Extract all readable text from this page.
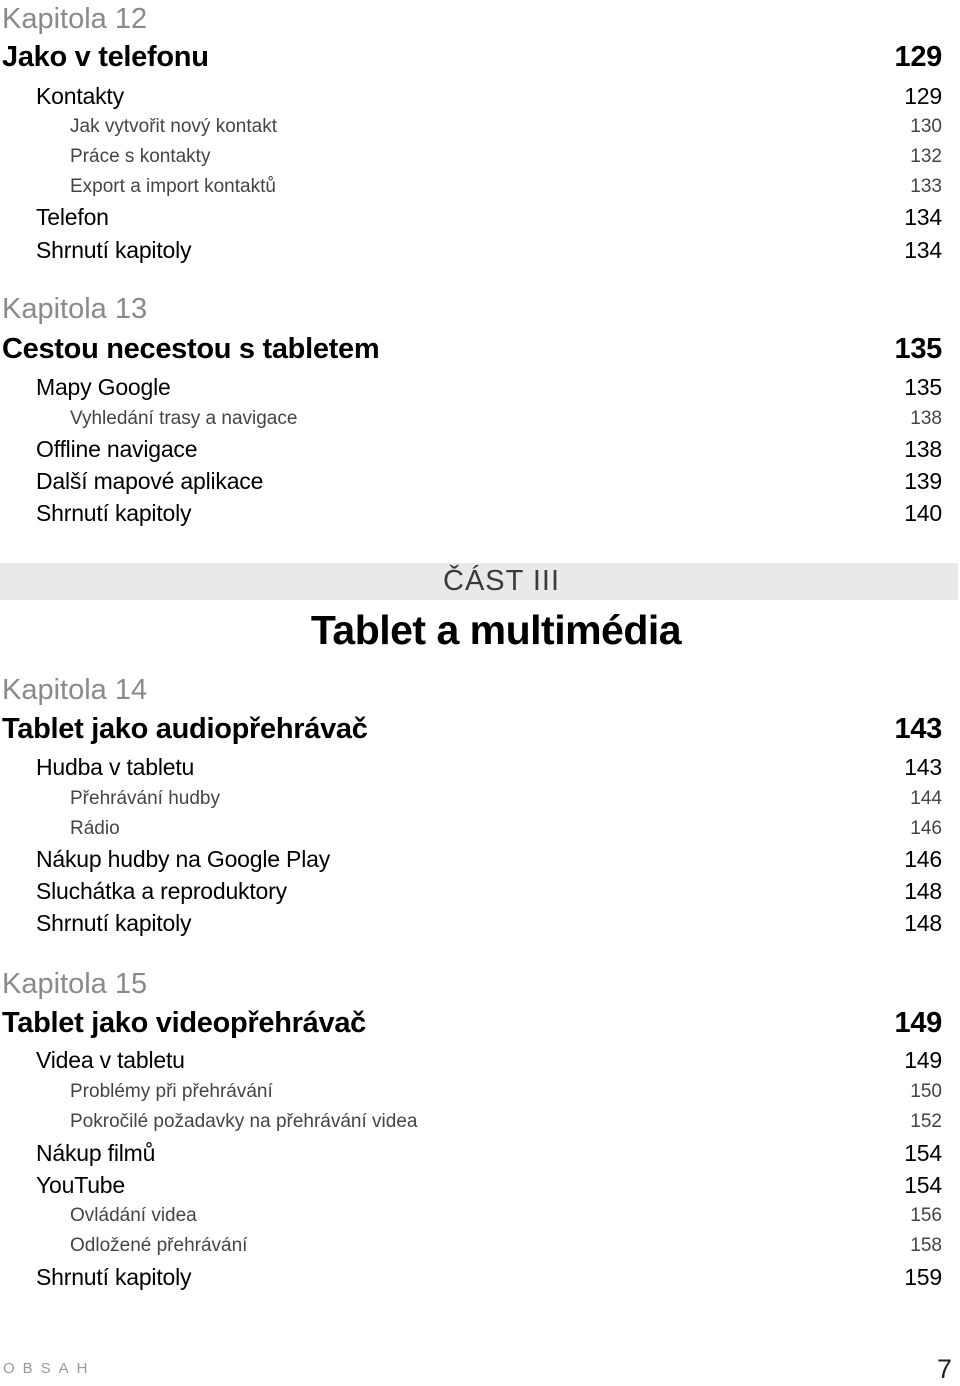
Kapitola 12
Jako v telefonu	129
Kontakty	129
Jak vytvořit nový kontakt	130
Práce s kontakty	132
Export a import kontaktů	133
Telefon	134
Shrnutí kapitoly	134
Kapitola 13
Cestou necestou s tabletem	135
Mapy Google	135
Vyhledání trasy a navigace	138
Offline navigace	138
Další mapové aplikace	139
Shrnutí kapitoly	140
ČÁST III
Tablet a multimédia
Kapitola 14
Tablet jako audiopřehrávač	143
Hudba v tabletu	143
Přehrávání hudby	144
Rádio	146
Nákup hudby na Google Play	146
Sluchátka a reproduktory	148
Shrnutí kapitoly	148
Kapitola 15
Tablet jako videopřehrávač	149
Videa v tabletu	149
Problémy při přehrávání	150
Pokročilé požadavky na přehrávání videa	152
Nákup filmů	154
YouTube	154
Ovládání videa	156
Odložené přehrávání	158
Shrnutí kapitoly	159
OBSAH	7
